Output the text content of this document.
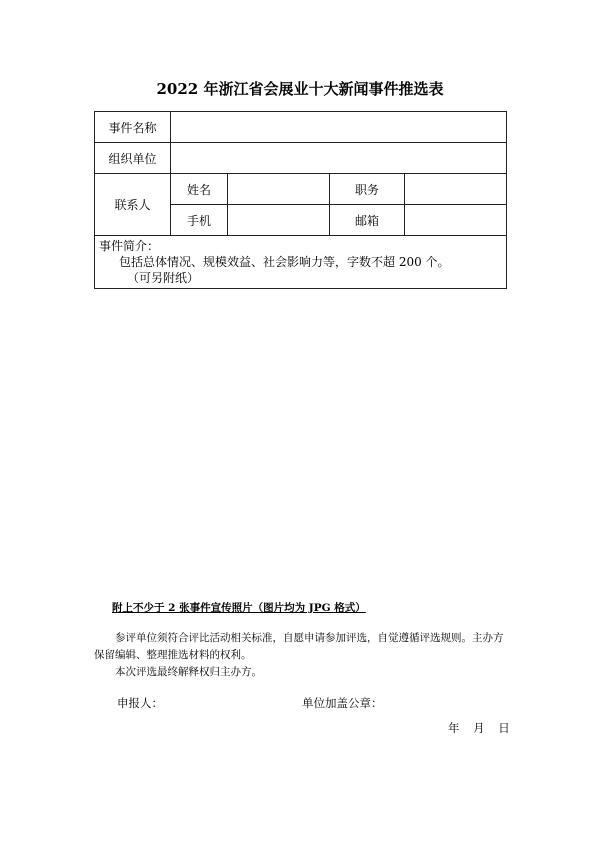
2022 年浙江省会展业十大新闻事件推选表
事件名称				
组织单位				
联系人	姓名		职务	
	手机		邮箱	

事件简介：
包括总体情况、规模效益、社会影响力等，字数不超 200 个。
（可另附纸）				
附上不少于 2 张事件宣传照片（图片均为 JPG 格式）

参评单位须符合评比活动相关标准，自愿申请参加评选，自觉遵循评选规则。主办方保留编辑、整理推选材料的权利。

本次评选最终解释权归主办方。

申报人：	单位加盖公章：
年 月 日
